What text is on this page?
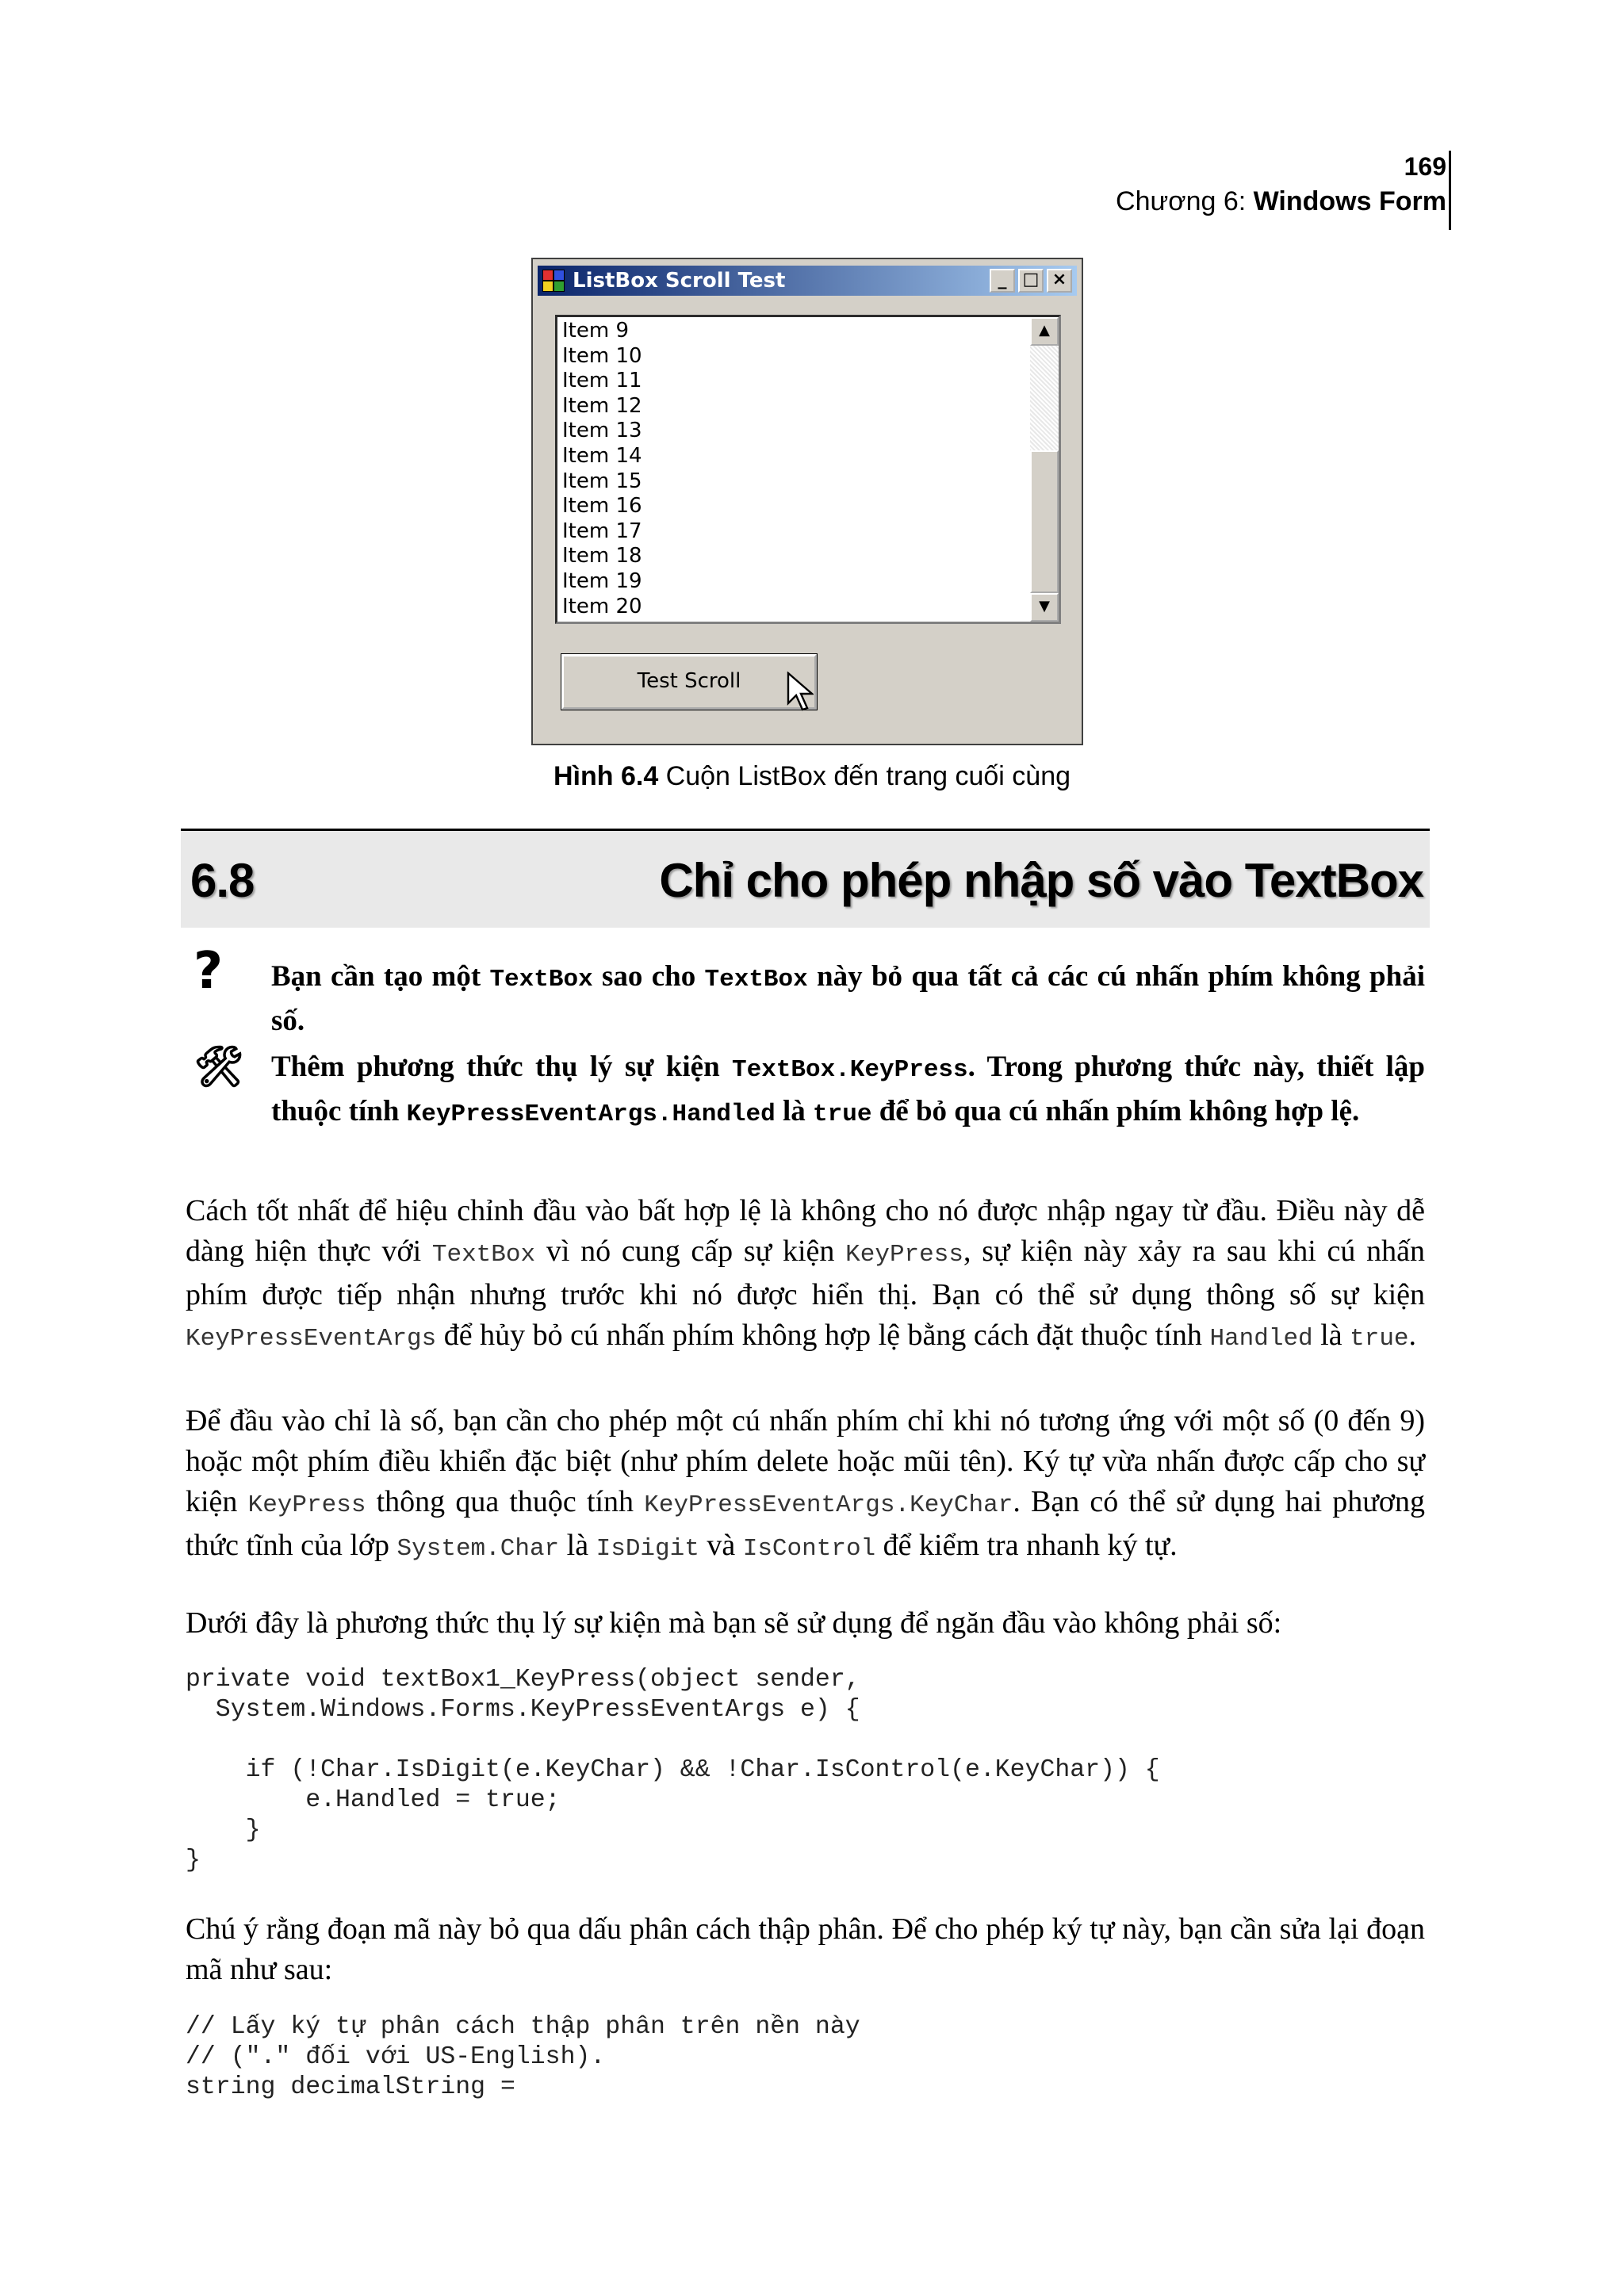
169
Chương 6: Windows Form
ListBox Scroll Test	_ □ ×
Item 9
Item 10
Item 11
Item 12
Item 13
Item 14
Item 15
Item 16
Item 17
Item 18
Item 19
Item 20
▲
▼
Test Scroll
Hình 6.4 Cuộn ListBox đến trang cuối cùng
6.8	Chỉ cho phép nhập số vào TextBox
? Bạn cần tạo một TextBox sao cho TextBox này bỏ qua tất cả các cú nhấn phím không phải số.
🛠 Thêm phương thức thụ lý sự kiện TextBox.KeyPress. Trong phương thức này, thiết lập thuộc tính KeyPressEventArgs.Handled là true để bỏ qua cú nhấn phím không hợp lệ.
Cách tốt nhất để hiệu chỉnh đầu vào bất hợp lệ là không cho nó được nhập ngay từ đầu. Điều này dễ dàng hiện thực với TextBox vì nó cung cấp sự kiện KeyPress, sự kiện này xảy ra sau khi cú nhấn phím được tiếp nhận nhưng trước khi nó được hiển thị. Bạn có thể sử dụng thông số sự kiện KeyPressEventArgs để hủy bỏ cú nhấn phím không hợp lệ bằng cách đặt thuộc tính Handled là true.
Để đầu vào chỉ là số, bạn cần cho phép một cú nhấn phím chỉ khi nó tương ứng với một số (0 đến 9) hoặc một phím điều khiển đặc biệt (như phím delete hoặc mũi tên). Ký tự vừa nhấn được cấp cho sự kiện KeyPress thông qua thuộc tính KeyPressEventArgs.KeyChar. Bạn có thể sử dụng hai phương thức tĩnh của lớp System.Char là IsDigit và IsControl để kiểm tra nhanh ký tự.
Dưới đây là phương thức thụ lý sự kiện mà bạn sẽ sử dụng để ngăn đầu vào không phải số:
private void textBox1_KeyPress(object sender,
System.Windows.Forms.KeyPressEventArgs e) {

if (!Char.IsDigit(e.KeyChar) && !Char.IsControl(e.KeyChar)) {
e.Handled = true;
}
}
Chú ý rằng đoạn mã này bỏ qua dấu phân cách thập phân. Để cho phép ký tự này, bạn cần sửa lại đoạn mã như sau:
// Lấy ký tự phân cách thập phân trên nền này
// ("." đối với US-English).
string decimalString =
